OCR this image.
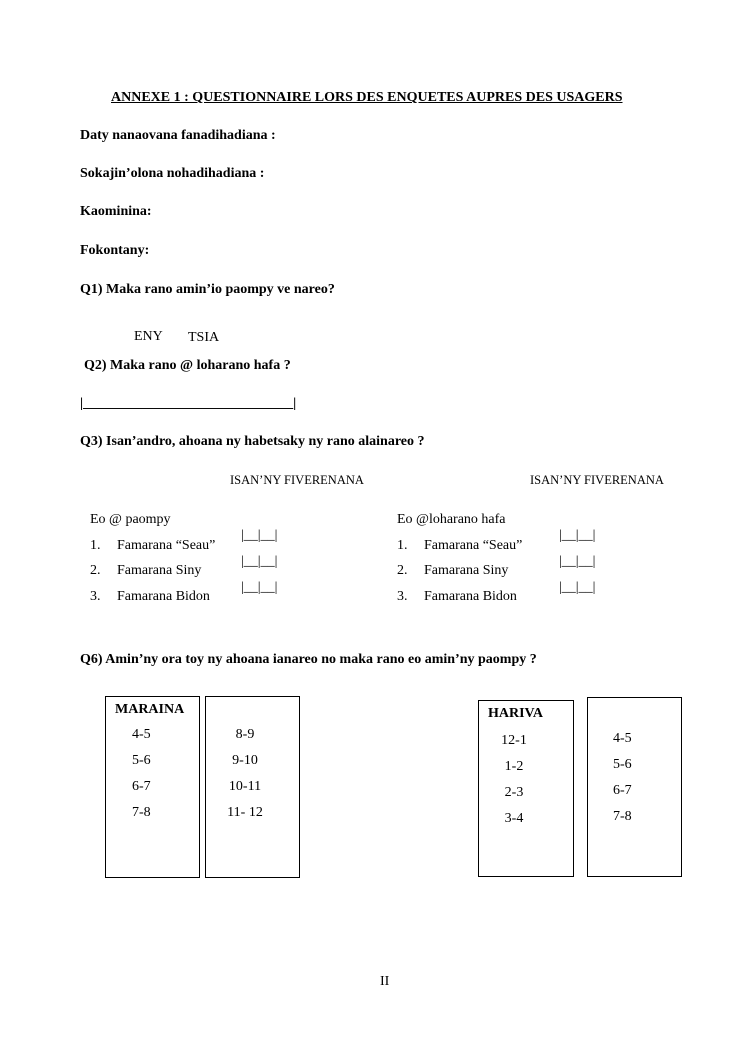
ANNEXE 1 : QUESTIONNAIRE LORS DES ENQUETES AUPRES DES USAGERS
Daty nanaovana fanadihadiana :
Sokajin’olona nohadihadiana :
Kaominina:
Fokontany:
Q1) Maka rano amin’io paompy ve nareo?
ENY TSIA
Q2) Maka rano @ loharano hafa ?
|______________________________|
Q3) Isan’andro, ahoana ny habetsaky ny rano alainareo ?
ISAN’NY FIVERENANA
Eo @ paompy
1. Famarana “Seau”
|__|__|
2. Famarana Siny
|__|__|
3. Famarana Bidon
|__|__|
ISAN’NY FIVERENANA
Eo @loharano hafa
1. Famarana “Seau”
|__|__|
2. Famarana Siny
|__|__|
3. Famarana Bidon
|__|__|
Q6) Amin’ny ora toy ny ahoana ianareo no maka rano eo amin’ny paompy ?
MARAINA
4-5
5-6
6-7
7-8
8-9
9-10
10-11
11- 12
HARIVA
12-1
1-2
2-3
3-4
4-5
5-6
6-7
7-8
II
